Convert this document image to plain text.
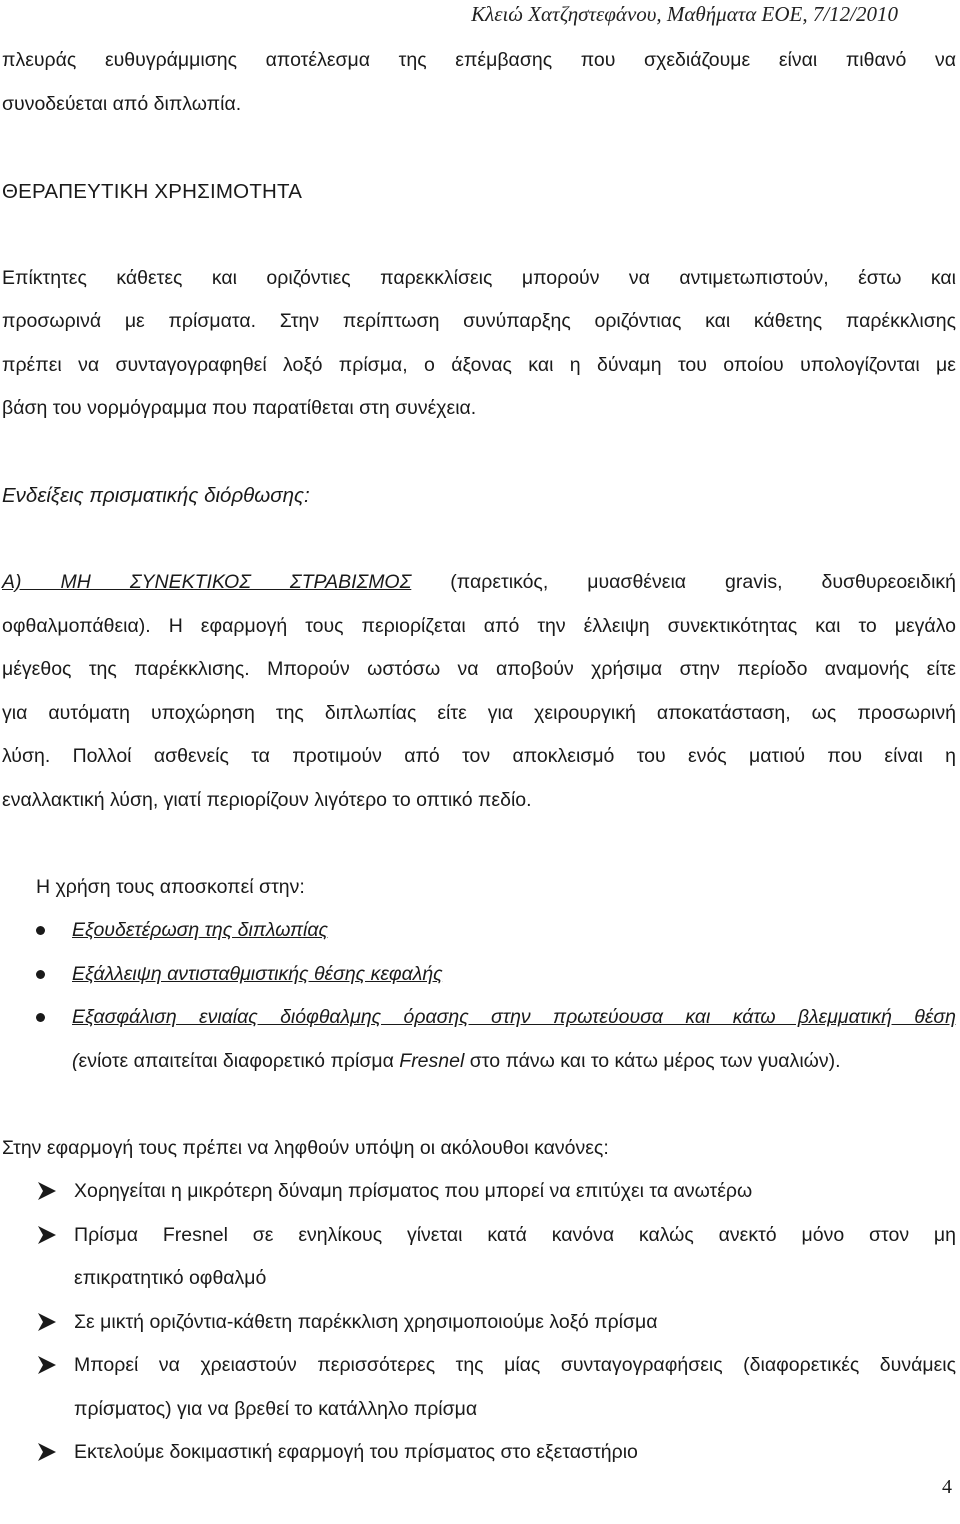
Κλειώ Χατζηστεφάνου, Μαθήματα ΕΟΕ, 7/12/2010

πλευράς ευθυγράμμισης αποτέλεσμα της επέμβασης που σχεδιάζουμε είναι πιθανό να

συνοδεύεται από διπλωπία.

ΘΕΡΑΠΕΥΤΙΚΗ ΧΡΗΣΙΜΟΤΗΤΑ

Επίκτητες κάθετες και οριζόντιες παρεκκλίσεις μπορούν να αντιμετωπιστούν, έστω και

προσωρινά με πρίσματα. Στην περίπτωση συνύπαρξης οριζόντιας και κάθετης παρέκκλισης

πρέπει να συνταγογραφηθεί λοξό πρίσμα, ο άξονας και η δύναμη του οποίου υπολογίζονται με

βάση του νορμόγραμμα που παρατίθεται στη συνέχεια.

Ενδείξεις πρισματικής διόρθωσης:

Α) ΜΗ ΣΥΝΕΚΤΙΚΟΣ ΣΤΡΑΒΙΣΜΟΣ (παρετικός, μυασθένεια gravis, δυσθυρεοειδική

οφθαλμοπάθεια). Η εφαρμογή τους περιορίζεται από την έλλειψη συνεκτικότητας και το μεγάλο

μέγεθος της παρέκκλισης. Μπορούν ωστόσω να αποβούν χρήσιμα στην περίοδο αναμονής είτε

για αυτόματη υποχώρηση της διπλωπίας είτε για χειρουργική αποκατάσταση, ως προσωρινή

λύση. Πολλοί ασθενείς τα προτιμούν από τον αποκλεισμό του ενός ματιού που είναι η

εναλλακτική λύση, γιατί περιορίζουν λιγότερο το οπτικό πεδίο.

Η χρήση τους αποσκοπεί στην:

Εξουδετέρωση της διπλωπίας

Εξάλλειψη αντισταθμιστικής θέσης κεφαλής

Εξασφάλιση ενιαίας διόφθαλμης όρασης στην πρωτεύουσα και κάτω βλεμματική θέση

(ενίοτε απαιτείται διαφορετικό πρίσμα Fresnel στο πάνω και το κάτω μέρος των γυαλιών).

Στην εφαρμογή τους πρέπει να ληφθούν υπόψη οι ακόλουθοι κανόνες:

Χορηγείται η μικρότερη δύναμη πρίσματος που μπορεί να επιτύχει τα ανωτέρω

Πρίσμα Fresnel σε ενηλίκους γίνεται κατά κανόνα καλώς ανεκτό μόνο στον μη

επικρατητικό οφθαλμό

Σε μικτή οριζόντια-κάθετη παρέκκλιση χρησιμοποιούμε λοξό πρίσμα

Μπορεί να χρειαστούν περισσότερες της μίας συνταγογραφήσεις (διαφορετικές δυνάμεις

πρίσματος) για να βρεθεί το κατάλληλο πρίσμα

Εκτελούμε δοκιμαστική εφαρμογή του πρίσματος στο εξεταστήριο

4
